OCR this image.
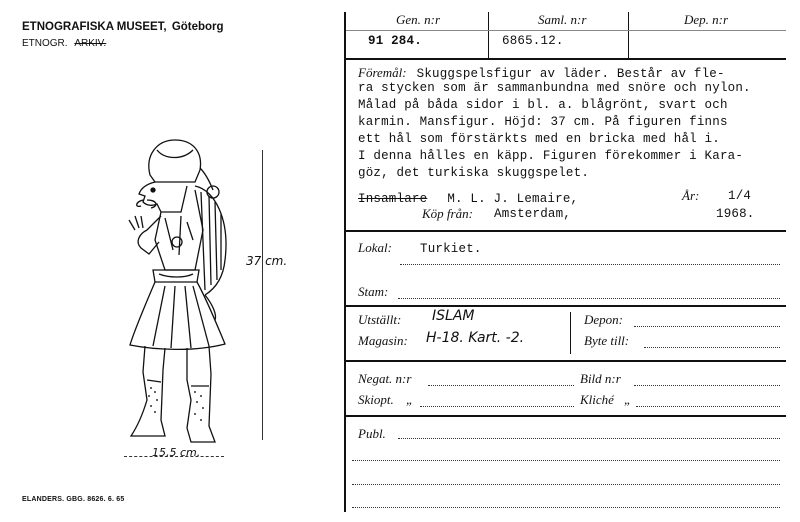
ETNOGRAFISKA MUSEET, Göteborg
ETNOGR. ARKIV.
37 cm.
15,5 cm.
ELANDERS. GBG. 8626. 6. 65
Gen. n:r	Saml. n:r	Dep. n:r
91 284.	6865.12.
Föremål: Skuggspelsfigur av läder. Består av fle-
ra stycken som är sammanbundna med snöre och nylon.
Målad på båda sidor i bl. a. blågrönt, svart och
karmin. Mansfigur. Höjd: 37 cm. På figuren finns
ett hål som förstärkts med en bricka med hål i.
I denna hålles en käpp. Figuren förekommer i Kara-
göz, det turkiska skuggspelet.
Insamlare M. L. J. Lemaire,	År: 1/4
Köp från: Amsterdam,	1968.
Lokal: Turkiet.
Stam:
Utställt: ISLAM
Magasin: H-18. Kart. -2.
Depon:
Byte till:
Negat. n:r	Bild n:r
Skiopt. „	Kliché „
Publ.
